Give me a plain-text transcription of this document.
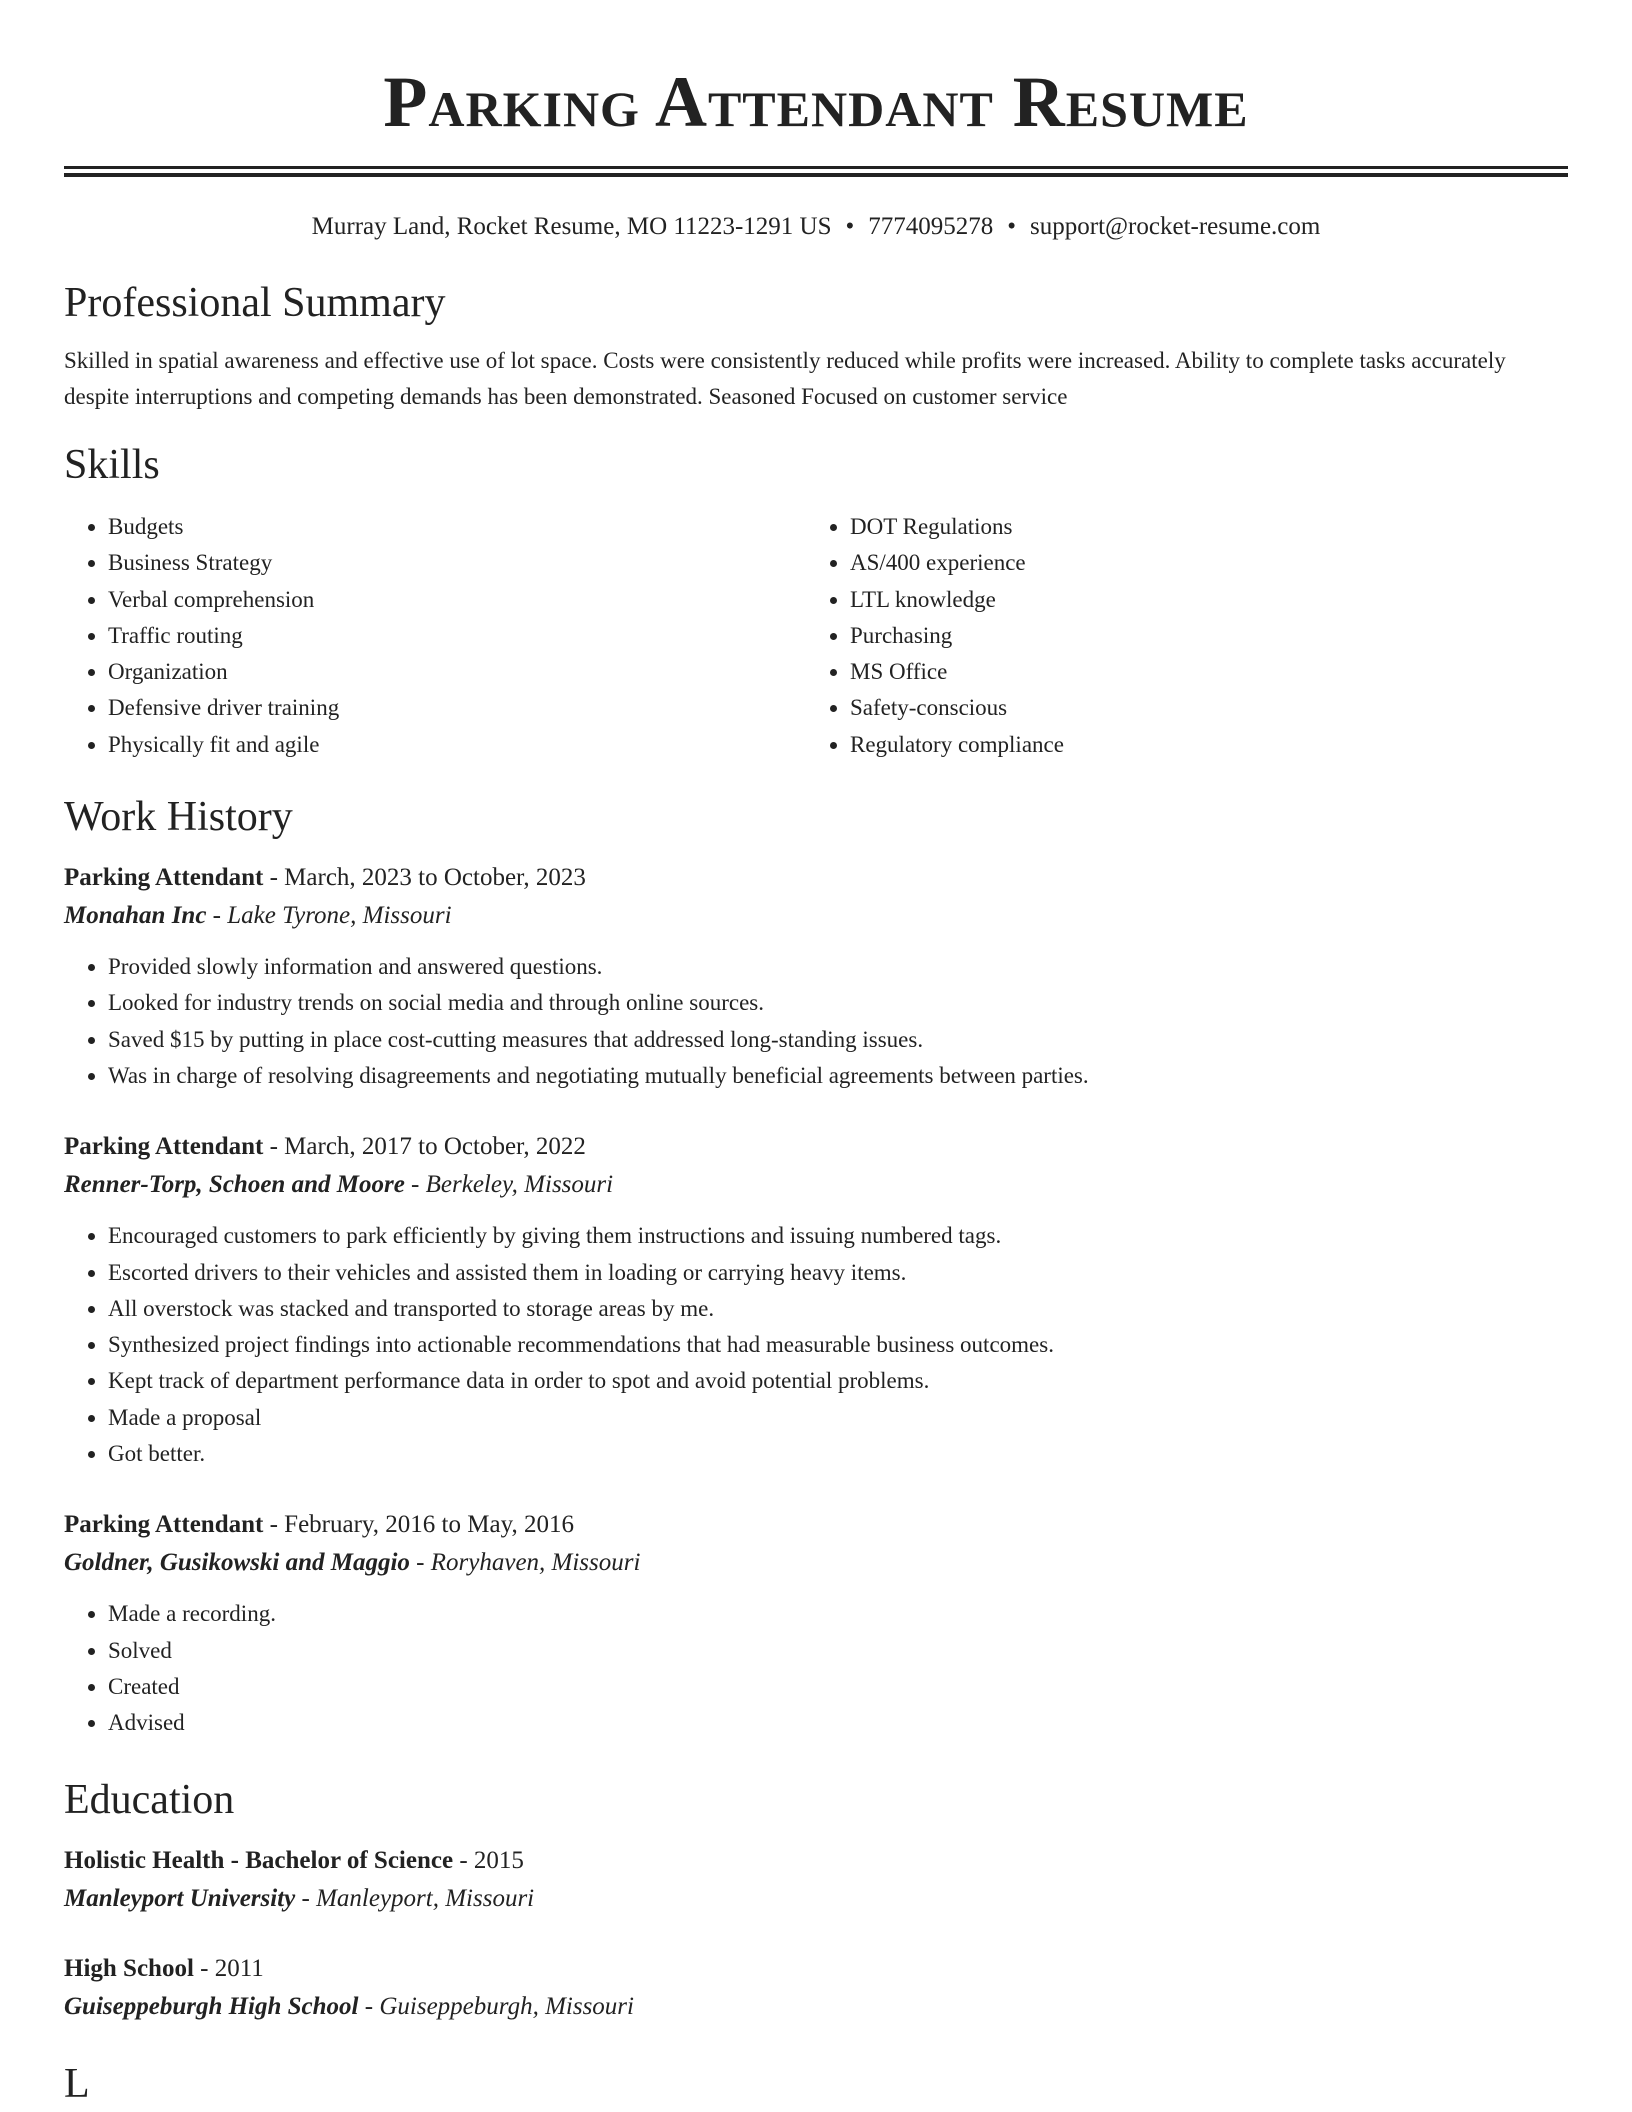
Parking Attendant Resume
Murray Land, Rocket Resume, MO 11223-1291 US • 7774095278 • support@rocket-resume.com
Professional Summary
Skilled in spatial awareness and effective use of lot space. Costs were consistently reduced while profits were increased. Ability to complete tasks accurately despite interruptions and competing demands has been demonstrated. Seasoned Focused on customer service
Skills
• Budgets
• Business Strategy
• Verbal comprehension
• Traffic routing
• Organization
• Defensive driver training
• Physically fit and agile
• DOT Regulations
• AS/400 experience
• LTL knowledge
• Purchasing
• MS Office
• Safety-conscious
• Regulatory compliance
Work History
Parking Attendant - March, 2023 to October, 2023
Monahan Inc - Lake Tyrone, Missouri
• Provided slowly information and answered questions.
• Looked for industry trends on social media and through online sources.
• Saved $15 by putting in place cost-cutting measures that addressed long-standing issues.
• Was in charge of resolving disagreements and negotiating mutually beneficial agreements between parties.
Parking Attendant - March, 2017 to October, 2022
Renner-Torp, Schoen and Moore - Berkeley, Missouri
• Encouraged customers to park efficiently by giving them instructions and issuing numbered tags.
• Escorted drivers to their vehicles and assisted them in loading or carrying heavy items.
• All overstock was stacked and transported to storage areas by me.
• Synthesized project findings into actionable recommendations that had measurable business outcomes.
• Kept track of department performance data in order to spot and avoid potential problems.
• Made a proposal
• Got better.
Parking Attendant - February, 2016 to May, 2016
Goldner, Gusikowski and Maggio - Roryhaven, Missouri
• Made a recording.
• Solved
• Created
• Advised
Education
Holistic Health - Bachelor of Science - 2015
Manleyport University - Manleyport, Missouri
High School - 2011
Guiseppeburgh High School - Guiseppeburgh, Missouri
L
